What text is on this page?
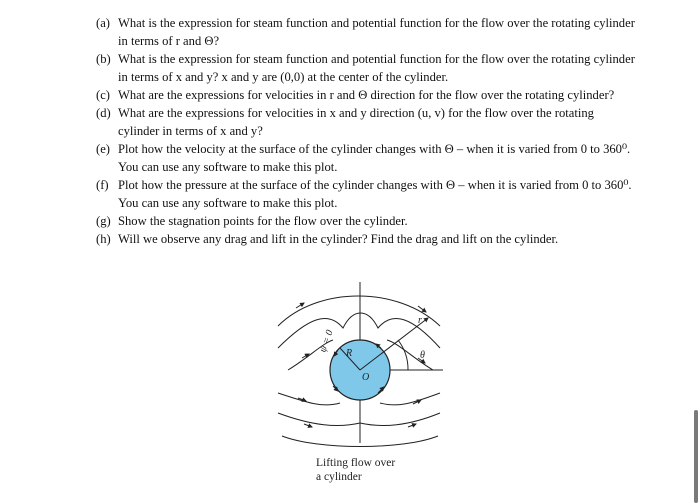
(a) What is the expression for steam function and potential function for the flow over the rotating cylinder in terms of r and Θ?
(b) What is the expression for steam function and potential function for the flow over the rotating cylinder in terms of x and y? x and y are (0,0) at the center of the cylinder.
(c) What are the expressions for velocities in r and Θ direction for the flow over the rotating cylinder?
(d) What are the expressions for velocities in x and y direction (u, v) for the flow over the rotating cylinder in terms of x and y?
(e) Plot how the velocity at the surface of the cylinder changes with Θ – when it is varied from 0 to 360⁰. You can use any software to make this plot.
(f) Plot how the pressure at the surface of the cylinder changes with Θ – when it is varied from 0 to 360⁰. You can use any software to make this plot.
(g) Show the stagnation points for the flow over the cylinder.
(h) Will we observe any drag and lift in the cylinder? Find the drag and lift on the cylinder.
ψ = 0 R
O
r
θ
Lifting flow over
a cylinder
